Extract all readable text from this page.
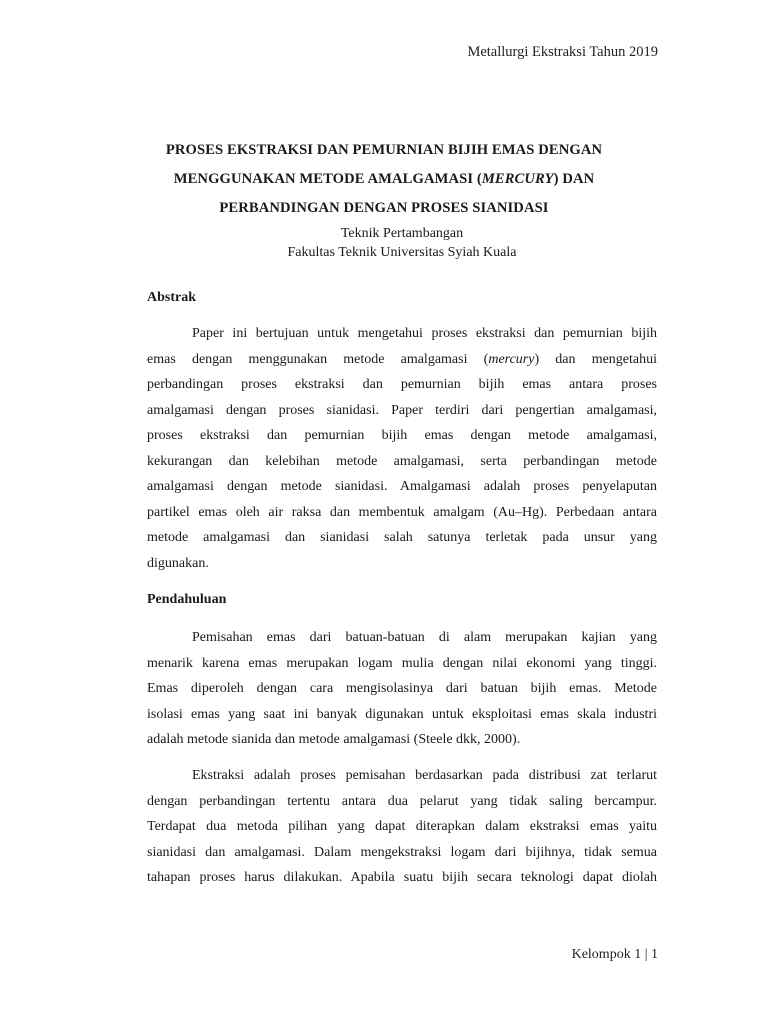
Metallurgi Ekstraksi Tahun 2019
PROSES EKSTRAKSI DAN PEMURNIAN BIJIH EMAS DENGAN
MENGGUNAKAN METODE AMALGAMASI (MERCURY) DAN
PERBANDINGAN DENGAN PROSES SIANIDASI
Teknik Pertambangan
Fakultas Teknik Universitas Syiah Kuala
Abstrak
Paper ini bertujuan untuk mengetahui proses ekstraksi dan pemurnian bijih
emas dengan menggunakan metode amalgamasi (mercury) dan mengetahui
perbandingan proses ekstraksi dan pemurnian bijih emas antara proses
amalgamasi dengan proses sianidasi. Paper terdiri dari pengertian amalgamasi,
proses ekstraksi dan pemurnian bijih emas dengan metode amalgamasi,
kekurangan dan kelebihan metode amalgamasi, serta perbandingan metode
amalgamasi dengan metode sianidasi. Amalgamasi adalah proses penyelaputan
partikel emas oleh air raksa dan membentuk amalgam (Au–Hg). Perbedaan antara
metode amalgamasi dan sianidasi salah satunya terletak pada unsur yang
digunakan.
Pendahuluan
Pemisahan emas dari batuan-batuan di alam merupakan kajian yang
menarik karena emas merupakan logam mulia dengan nilai ekonomi yang tinggi.
Emas diperoleh dengan cara mengisolasinya dari batuan bijih emas. Metode
isolasi emas yang saat ini banyak digunakan untuk eksploitasi emas skala industri
adalah metode sianida dan metode amalgamasi (Steele dkk, 2000).
Ekstraksi adalah proses pemisahan berdasarkan pada distribusi zat terlarut
dengan perbandingan tertentu antara dua pelarut yang tidak saling bercampur.
Terdapat dua metoda pilihan yang dapat diterapkan dalam ekstraksi emas yaitu
sianidasi dan amalgamasi. Dalam mengekstraksi logam dari bijihnya, tidak semua
tahapan proses harus dilakukan. Apabila suatu bijih secara teknologi dapat diolah
Kelompok 1 | 1
